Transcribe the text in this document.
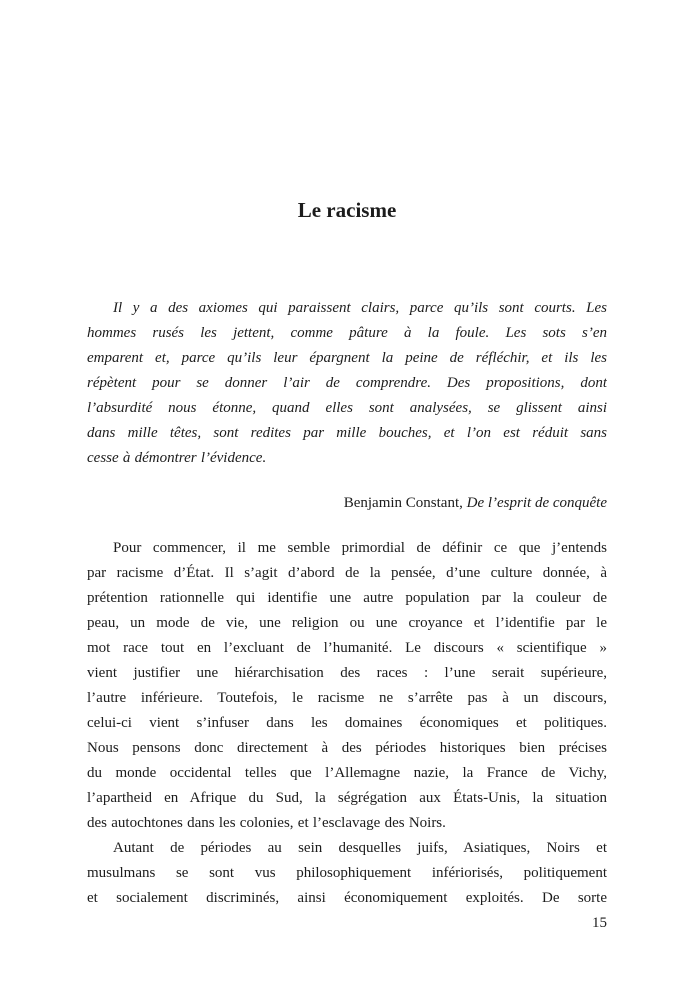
Le racisme
Il y a des axiomes qui paraissent clairs, parce qu’ils sont courts. Les
hommes rusés les jettent, comme pâture à la foule. Les sots s’en
emparent et, parce qu’ils leur épargnent la peine de réfléchir, et ils les
répètent pour se donner l’air de comprendre. Des propositions, dont
l’absurdité nous étonne, quand elles sont analysées, se glissent ainsi
dans mille têtes, sont redites par mille bouches, et l’on est réduit sans
cesse à démontrer l’évidence.
Benjamin Constant, De l’esprit de conquête
Pour commencer, il me semble primordial de définir ce que j’entends
par racisme d’État. Il s’agit d’abord de la pensée, d’une culture donnée, à
prétention rationnelle qui identifie une autre population par la couleur de
peau, un mode de vie, une religion ou une croyance et l’identifie par le
mot race tout en l’excluant de l’humanité. Le discours « scientifique »
vient justifier une hiérarchisation des races : l’une serait supérieure,
l’autre inférieure. Toutefois, le racisme ne s’arrête pas à un discours,
celui-ci vient s’infuser dans les domaines économiques et politiques.
Nous pensons donc directement à des périodes historiques bien précises
du monde occidental telles que l’Allemagne nazie, la France de Vichy,
l’apartheid en Afrique du Sud, la ségrégation aux États-Unis, la situation
des autochtones dans les colonies, et l’esclavage des Noirs.
Autant de périodes au sein desquelles juifs, Asiatiques, Noirs et
musulmans se sont vus philosophiquement infériorisés, politiquement
et socialement discriminés, ainsi économiquement exploités. De sorte
15
